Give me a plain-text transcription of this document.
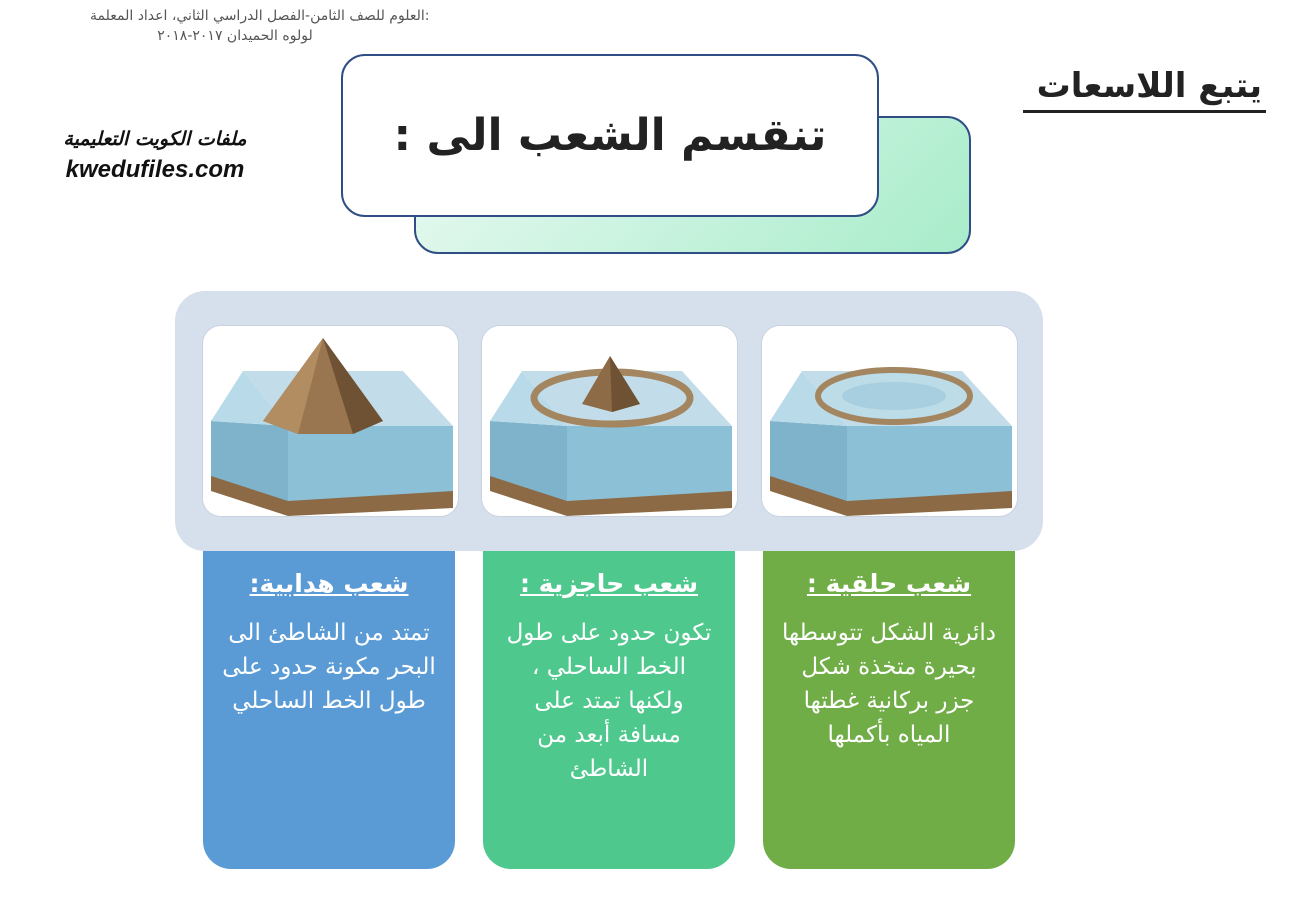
العلوم للصف الثامن-الفصل الدراسي الثاني، اعداد المعلمة:
لولوه الحميدان ٢٠١٧-٢٠١٨
ملفات الكويت التعليمية
kwedufiles.com
يتبع اللاسعات
تنقسم الشعب الى :
شعب هدابية:
تمتد من الشاطئ الى البحر مكونة حدود على طول الخط الساحلي
شعب حاجزية :
تكون حدود على طول الخط الساحلي ، ولكنها تمتد على مسافة أبعد من الشاطئ
شعب حلقية :
دائرية الشكل تتوسطها بحيرة متخذة شكل جزر بركانية غطتها المياه بأكملها
